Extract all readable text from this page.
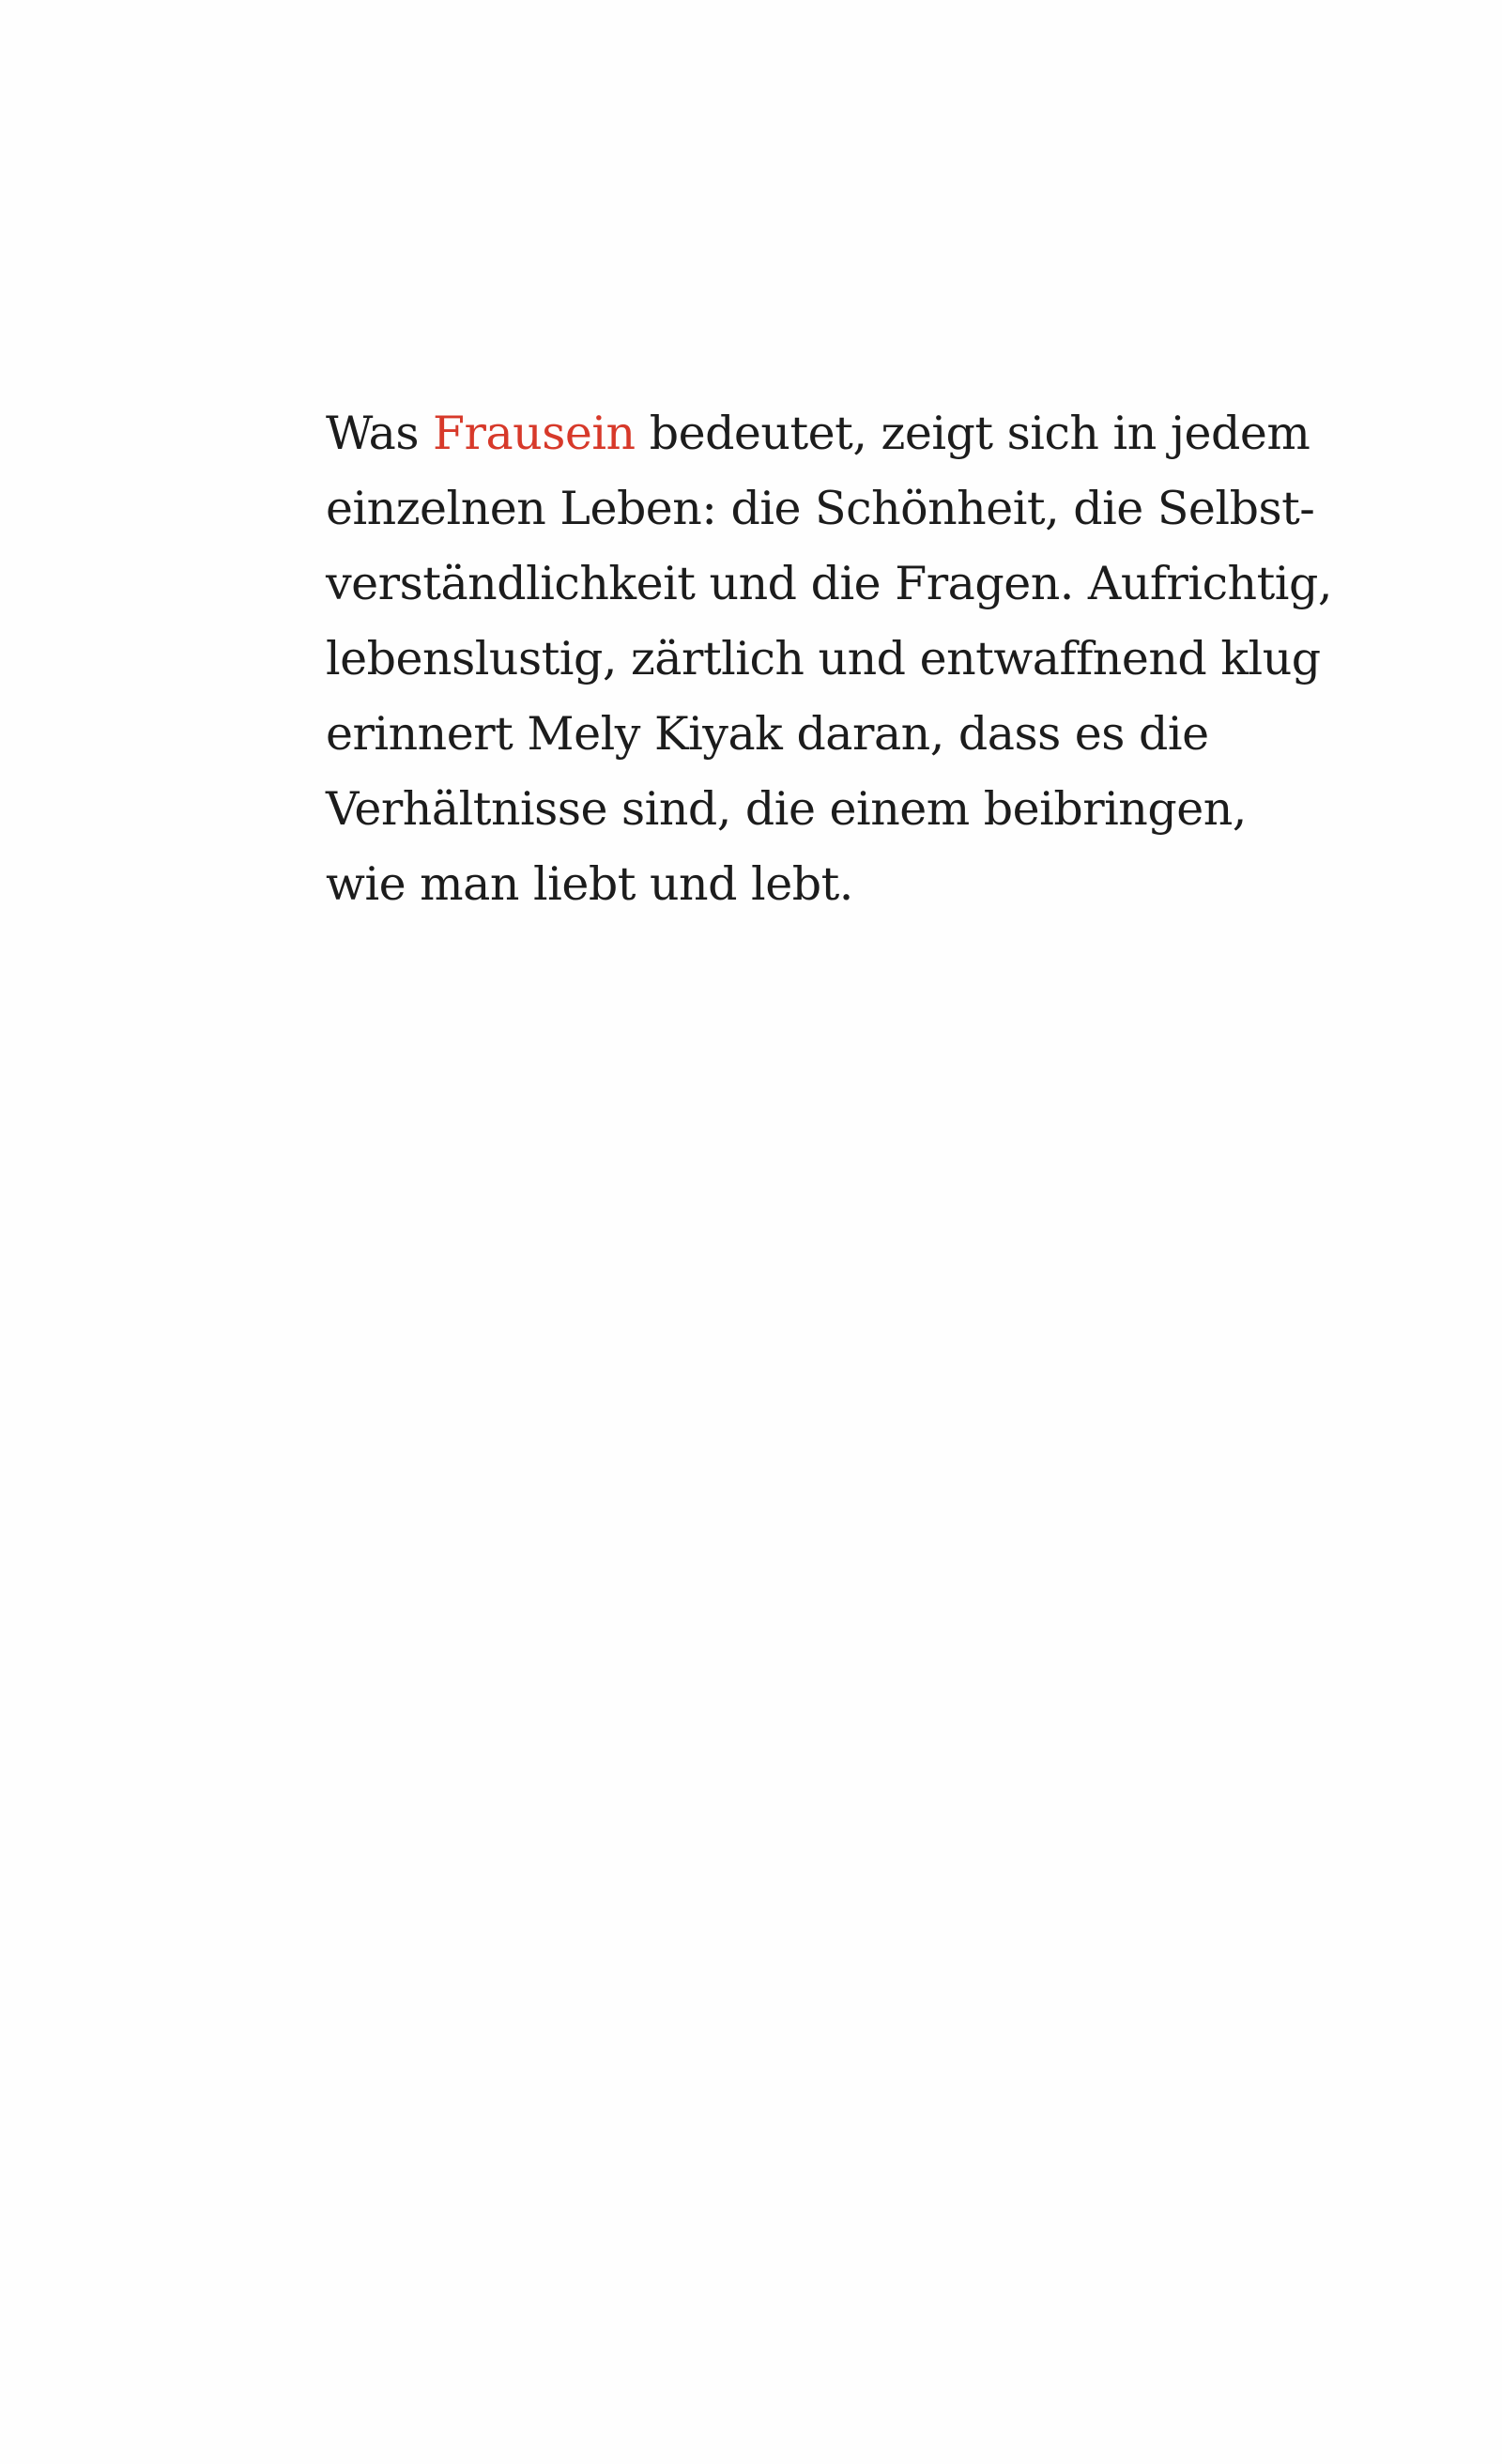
Was Frausein bedeutet, zeigt sich in jedem
einzelnen Leben: die Schönheit, die Selbst-
verständlichkeit und die Fragen. Aufrichtig,
lebenslustig, zärtlich und entwaffnend klug
erinnert Mely Kiyak daran, dass es die
Verhältnisse sind, die einem beibringen,
wie man liebt und lebt.
